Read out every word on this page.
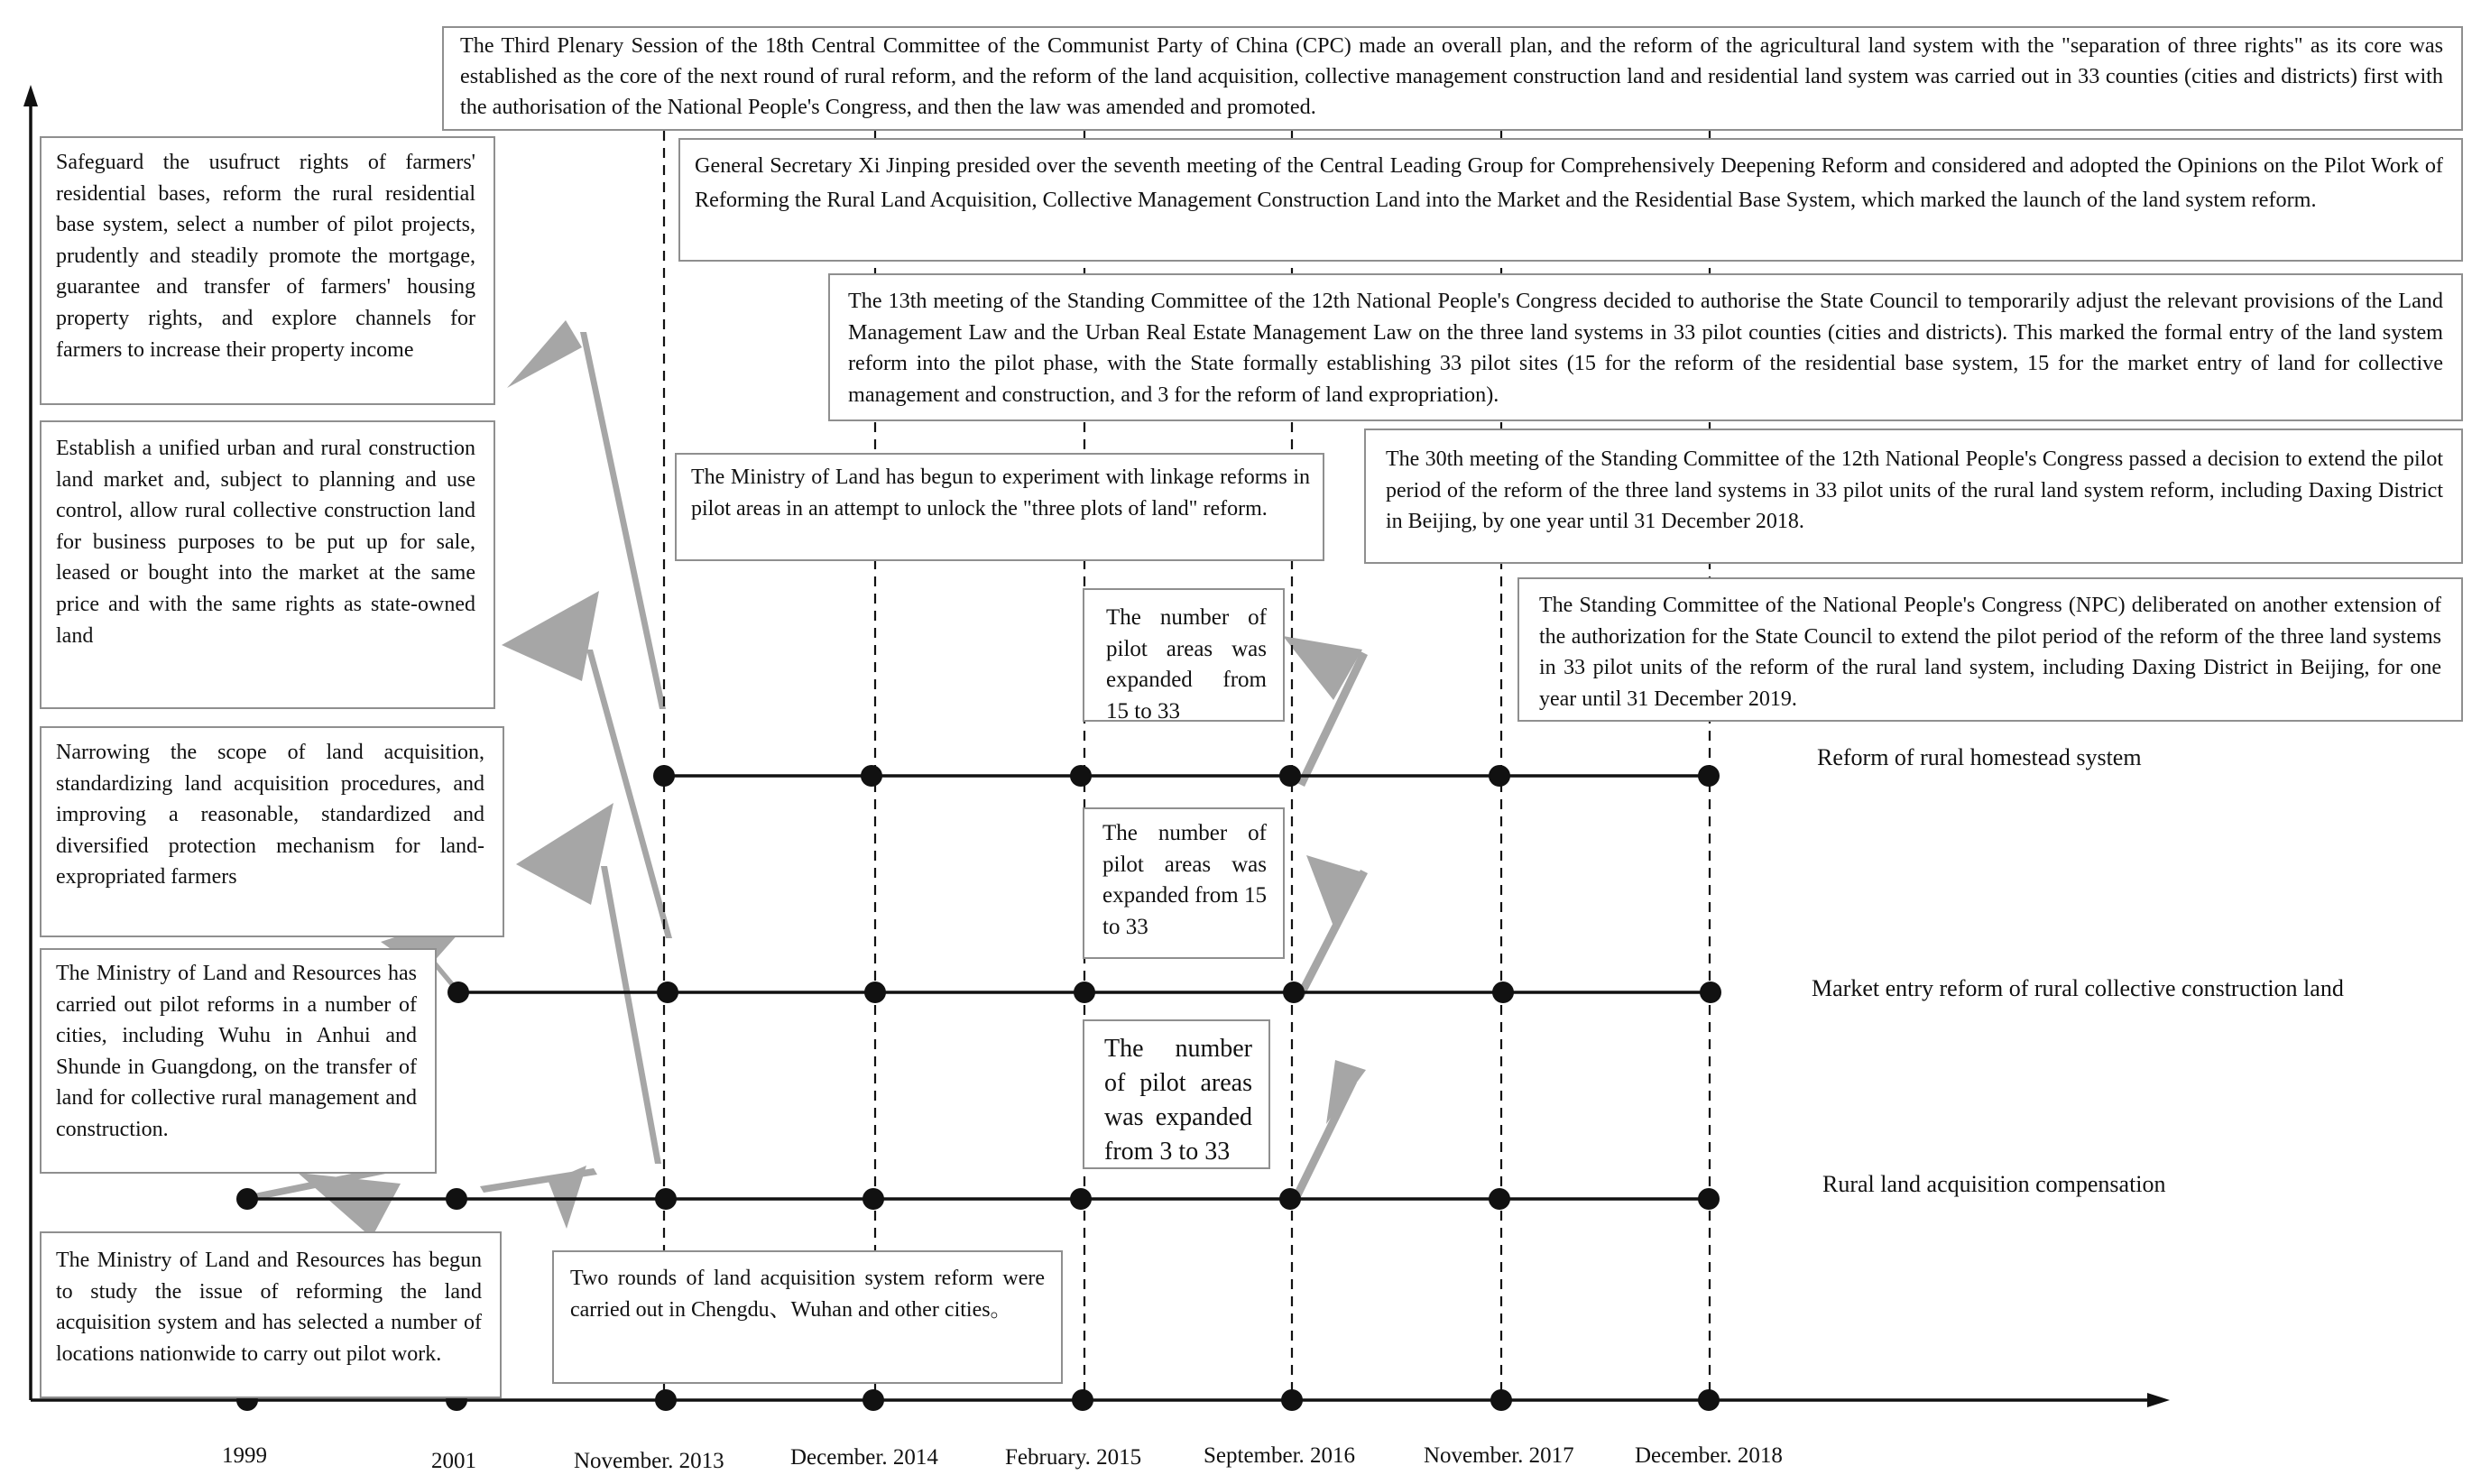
The Third Plenary Session of the 18th Central Committee of the Communist Party of China (CPC) made an overall plan, and the reform of the agricultural land system with the "separation of three rights" as its core was established as the core of the next round of rural reform, and the reform of the land acquisition, collective management construction land and residential land system was carried out in 33 counties (cities and districts) first with the authorisation of the National People's Congress, and then the law was amended and promoted.
General Secretary Xi Jinping presided over the seventh meeting of the Central Leading Group for Comprehensively Deepening Reform and considered and adopted the Opinions on the Pilot Work of Reforming the Rural Land Acquisition, Collective Management Construction Land into the Market and the Residential Base System, which marked the launch of the land system reform.
The 13th meeting of the Standing Committee of the 12th National People's Congress decided to authorise the State Council to temporarily adjust the relevant provisions of the Land Management Law and the Urban Real Estate Management Law on the three land systems in 33 pilot counties (cities and districts). This marked the formal entry of the land system reform into the pilot phase, with the State formally establishing 33 pilot sites (15 for the reform of the residential base system, 15 for the market entry of land for collective management and construction, and 3 for the reform of land expropriation).
The Ministry of Land has begun to experiment with linkage reforms in pilot areas in an attempt to unlock the "three plots of land" reform.
The 30th meeting of the Standing Committee of the 12th National People's Congress passed a decision to extend the pilot period of the reform of the three land systems in 33 pilot units of the rural land system reform, including Daxing District in Beijing, by one year until 31 December 2018.
The Standing Committee of the National People's Congress (NPC) deliberated on another extension of the authorization for the State Council to extend the pilot period of the reform of the three land systems in 33 pilot units of the reform of the rural land system, including Daxing District in Beijing, for one year until 31 December 2019.
The number of pilot areas was expanded from 15 to 33
The number of pilot areas was expanded from 15 to 33
The number of pilot areas was expanded from 3 to 33
Safeguard the usufruct rights of farmers' residential bases, reform the rural residential base system, select a number of pilot projects, prudently and steadily promote the mortgage, guarantee and transfer of farmers' housing property rights, and explore channels for farmers to increase their property income
Establish a unified urban and rural construction land market and, subject to planning and use control, allow rural collective construction land for business purposes to be put up for sale, leased or bought into the market at the same price and with the same rights as state-owned land
Narrowing the scope of land acquisition, standardizing land acquisition procedures, and improving a reasonable, standardized and diversified protection mechanism for land-expropriated farmers
The Ministry of Land and Resources has carried out pilot reforms in a number of cities, including Wuhu in Anhui and Shunde in Guangdong, on the transfer of land for collective rural management and construction.
The Ministry of Land and Resources has begun to study the issue of reforming the land acquisition system and has selected a number of locations nationwide to carry out pilot work.
Two rounds of land acquisition system reform were carried out in Chengdu、Wuhan and other cities。
Reform of rural homestead system
Market entry reform of rural collective construction land
Rural land acquisition compensation
1999	2001	November. 2013	December. 2014	February. 2015	September. 2016	November. 2017	December. 2018
